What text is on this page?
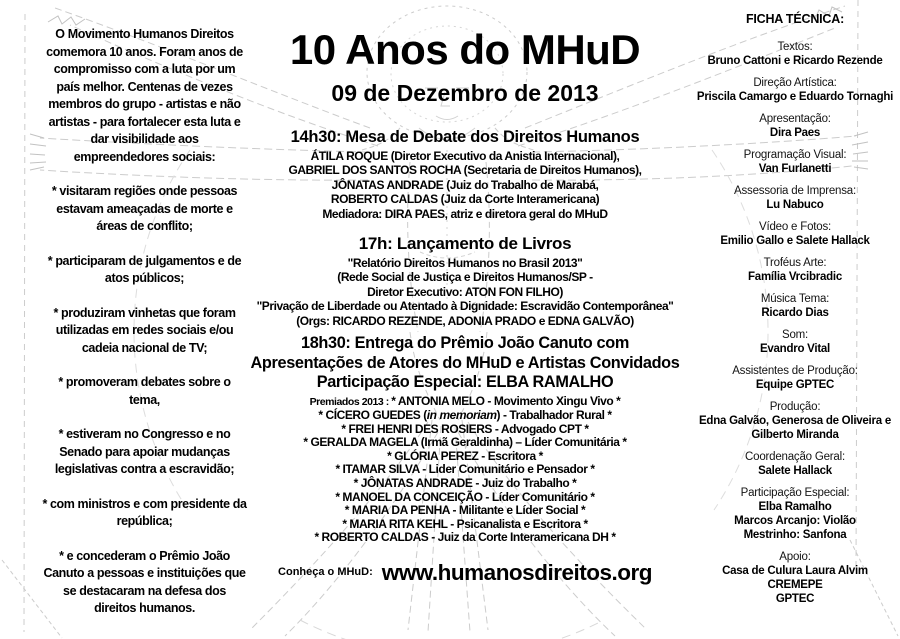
O Movimento Humanos Direitos comemora 10 anos. Foram anos de compromisso com a luta por um país melhor. Centenas de vezes membros do grupo - artistas e não artistas - para fortalecer esta luta e dar visibilidade aos empreendedores sociais:

* visitaram regiões onde pessoas estavam ameaçadas de morte e áreas de conflito;

* participaram de julgamentos e de atos públicos;

* produziram vinhetas que foram utilizadas em redes sociais e/ou cadeia nacional de TV;

* promoveram debates sobre o tema,

* estiveram no Congresso e no Senado para apoiar mudanças legislativas contra a escravidão;

* com ministros e com presidente da república;

* e concederam o Prêmio João Canuto a pessoas e instituições que se destacaram na defesa dos direitos humanos.

10 Anos do MHuD
09 de Dezembro de 2013
14h30: Mesa de Debate dos Direitos Humanos
ÁTILA ROQUE (Diretor Executivo da Anistia Internacional),
GABRIEL DOS SANTOS ROCHA (Secretaria de Direitos Humanos),
JÔNATAS ANDRADE (Juiz do Trabalho de Marabá,
ROBERTO CALDAS (Juiz da Corte Interamericana)
Mediadora: DIRA PAES, atriz e diretora geral do MHuD
17h: Lançamento de Livros
"Relatório Direitos Humanos no Brasil 2013"
(Rede Social de Justiça e Direitos Humanos/SP -
Diretor Executivo: ATON FON FILHO)
"Privação de Liberdade ou Atentado à Dignidade: Escravidão Contemporânea"
(Orgs: RICARDO REZENDE, ADONIA PRADO e EDNA GALVÃO)
18h30: Entrega do Prêmio João Canuto com
Apresentações de Atores do MHuD e Artistas Convidados
Participação Especial: ELBA RAMALHO
Premiados 2013 : * ANTONIA MELO - Movimento Xingu Vivo *
* CÍCERO GUEDES (in memoriam) - Trabalhador Rural *
* FREI HENRI DES ROSIERS - Advogado CPT *
* GERALDA MAGELA (Irmã Geraldinha) – Líder Comunitária *
* GLÓRIA PEREZ - Escritora *
* ITAMAR SILVA - Lider Comunitário e Pensador *
* JÔNATAS ANDRADE - Juiz do Trabalho *
* MANOEL DA CONCEIÇÃO - Líder Comunitário *
* MARIA DA PENHA - Militante e Líder Social *
* MARIA RITA KEHL - Psicanalista e Escritora *
* ROBERTO CALDAS - Juiz da Corte Interamericana DH *
$^{Conheça o MHuD:}$ www.humanosdireitos.org
FICHA TÉCNICA:
Textos:
Bruno Cattoni e Ricardo Rezende
Direção Artística:
Priscila Camargo e Eduardo Tornaghi
Apresentação:
Dira Paes
Programação Visual:
Van Furlanetti
Assessoria de Imprensa:
Lu Nabuco
Vídeo e Fotos:
Emilio Gallo e Salete Hallack
Troféus Arte:
Família Vrcibradic
Música Tema:
Ricardo Dias
Som:
Evandro Vital
Assistentes de Produção:
Equipe GPTEC
Produção:
Edna Galvão, Generosa de Oliveira e
Gilberto Miranda
Coordenação Geral:
Salete Hallack
Participação Especial:
Elba Ramalho
Marcos Arcanjo: Violão
Mestrinho: Sanfona
Apoio:
Casa de Culura Laura Alvim
CREMEPE
GPTEC
